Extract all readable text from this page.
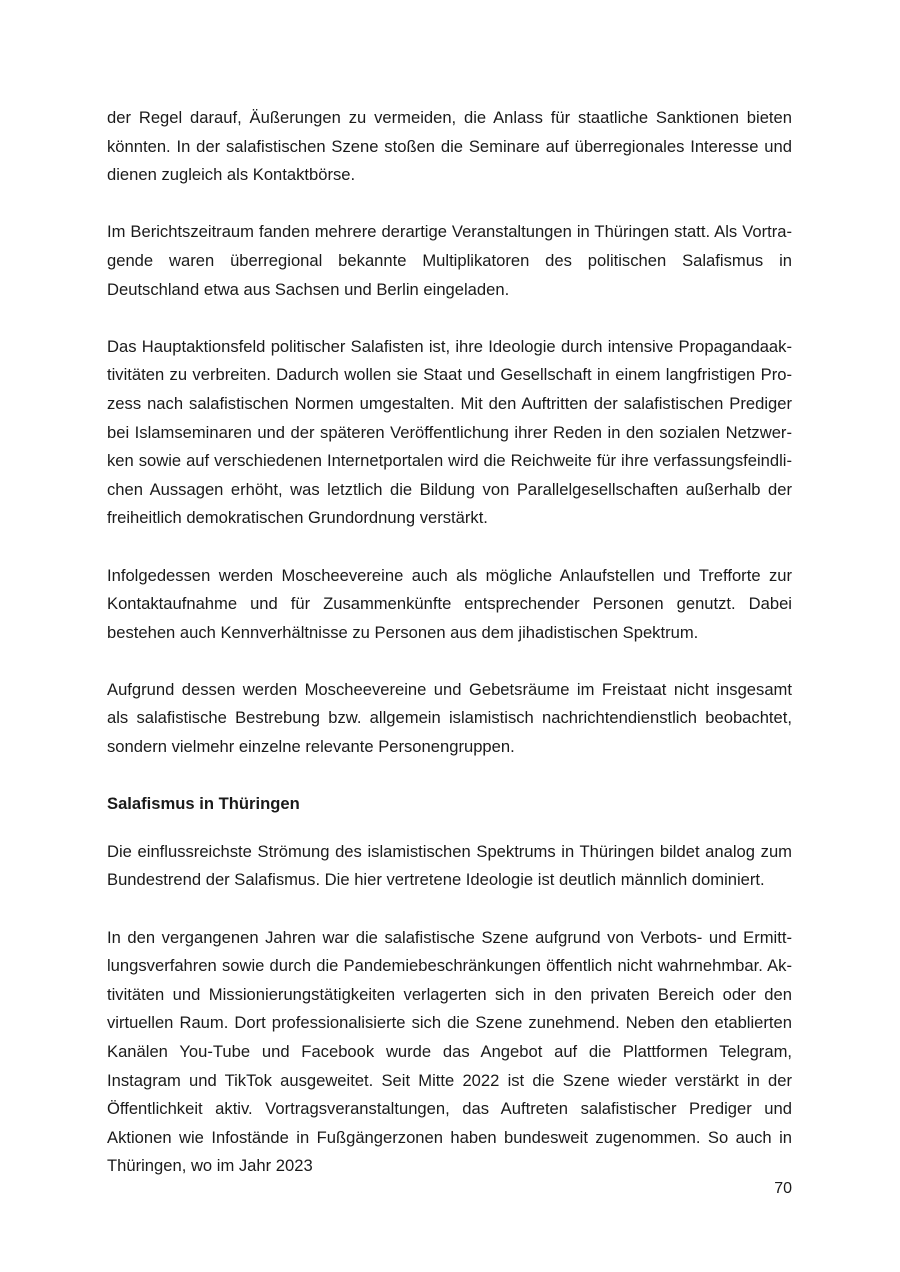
der Regel darauf, Äußerungen zu vermeiden, die Anlass für staatliche Sanktionen bieten könnten. In der salafistischen Szene stoßen die Seminare auf überregionales Interesse und dienen zugleich als Kontaktbörse.

Im Berichtszeitraum fanden mehrere derartige Veranstaltungen in Thüringen statt. Als Vortragende waren überregional bekannte Multiplikatoren des politischen Salafismus in Deutschland etwa aus Sachsen und Berlin eingeladen.

Das Hauptaktionsfeld politischer Salafisten ist, ihre Ideologie durch intensive Propagandaaktivitäten zu verbreiten. Dadurch wollen sie Staat und Gesellschaft in einem langfristigen Prozess nach salafistischen Normen umgestalten. Mit den Auftritten der salafistischen Prediger bei Islamseminaren und der späteren Veröffentlichung ihrer Reden in den sozialen Netzwerken sowie auf verschiedenen Internetportalen wird die Reichweite für ihre verfassungsfeindlichen Aussagen erhöht, was letztlich die Bildung von Parallelgesellschaften außerhalb der freiheitlich demokratischen Grundordnung verstärkt.

Infolgedessen werden Moscheevereine auch als mögliche Anlaufstellen und Trefforte zur Kontaktaufnahme und für Zusammenkünfte entsprechender Personen genutzt. Dabei bestehen auch Kennverhältnisse zu Personen aus dem jihadistischen Spektrum.

Aufgrund dessen werden Moscheevereine und Gebetsräume im Freistaat nicht insgesamt als salafistische Bestrebung bzw. allgemein islamistisch nachrichtendienstlich beobachtet, sondern vielmehr einzelne relevante Personengruppen.

Salafismus in Thüringen

Die einflussreichste Strömung des islamistischen Spektrums in Thüringen bildet analog zum Bundestrend der Salafismus. Die hier vertretene Ideologie ist deutlich männlich dominiert.

In den vergangenen Jahren war die salafistische Szene aufgrund von Verbots- und Ermittlungsverfahren sowie durch die Pandemiebeschränkungen öffentlich nicht wahrnehmbar. Aktivitäten und Missionierungstätigkeiten verlagerten sich in den privaten Bereich oder den virtuellen Raum. Dort professionalisierte sich die Szene zunehmend. Neben den etablierten Kanälen You-Tube und Facebook wurde das Angebot auf die Plattformen Telegram, Instagram und TikTok ausgeweitet. Seit Mitte 2022 ist die Szene wieder verstärkt in der Öffentlichkeit aktiv. Vortragsveranstaltungen, das Auftreten salafistischer Prediger und Aktionen wie Infostände in Fußgängerzonen haben bundesweit zugenommen. So auch in Thüringen, wo im Jahr 2023

70
